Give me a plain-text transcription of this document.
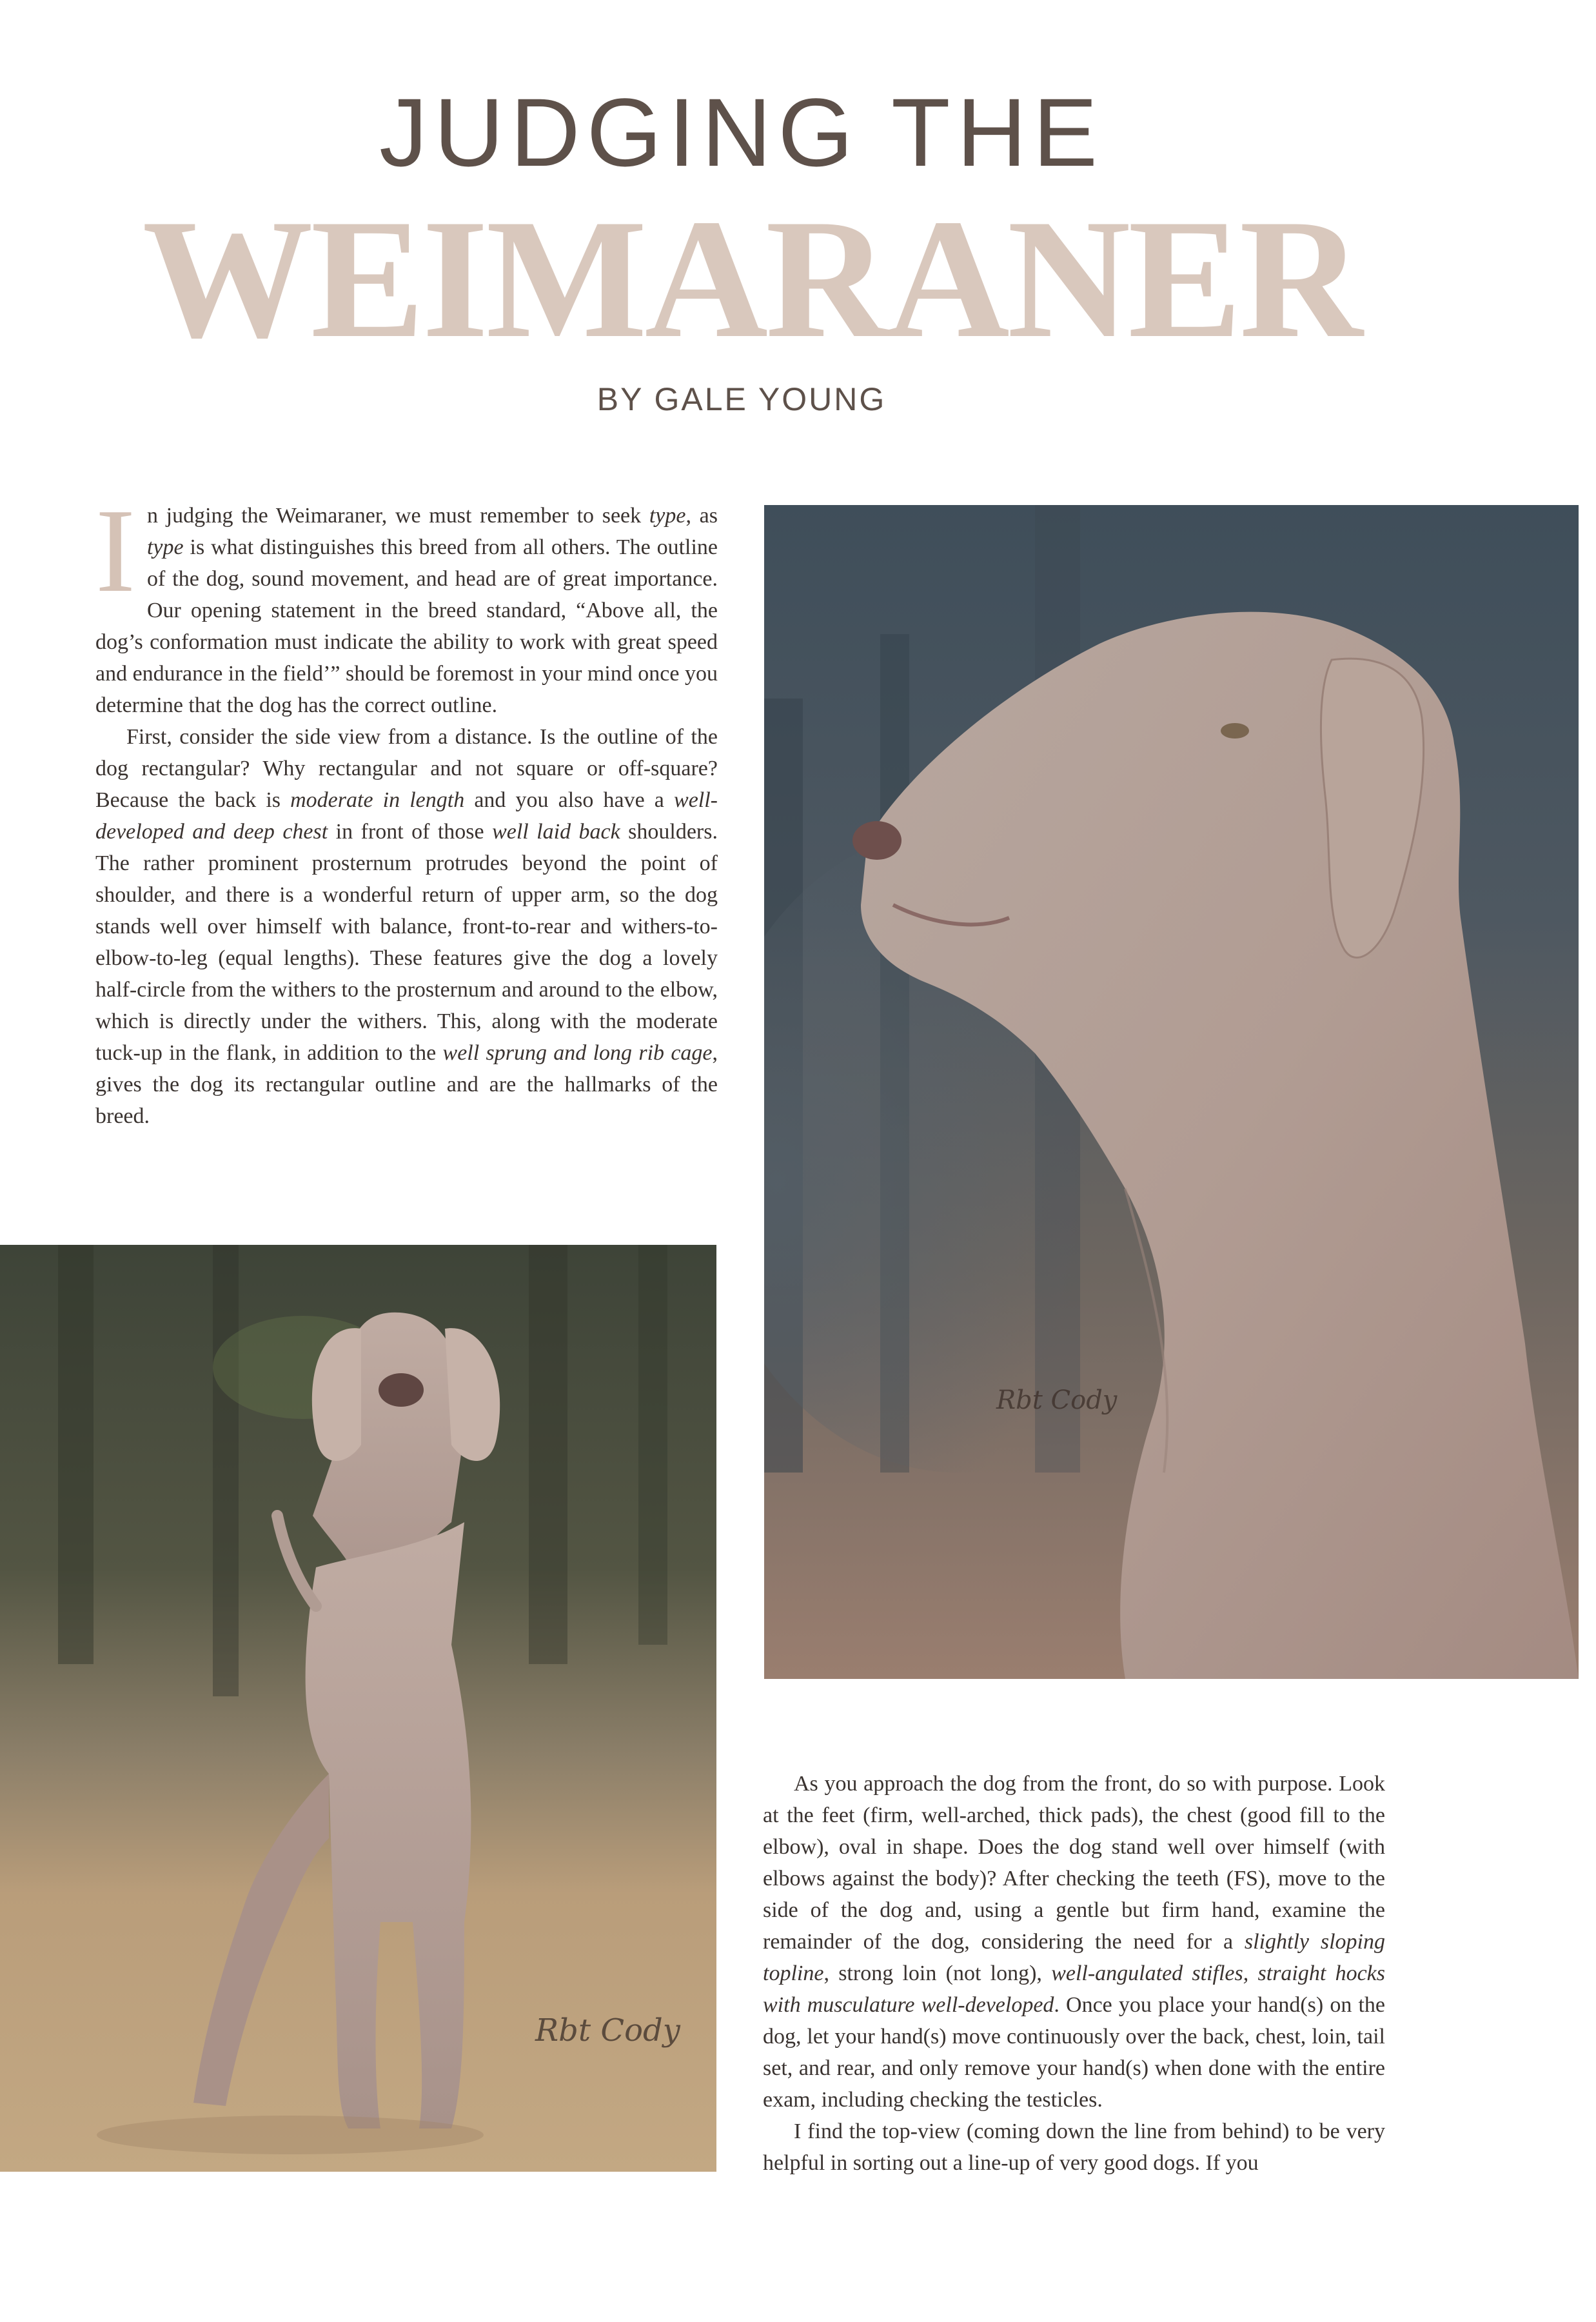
JUDGING THE
WEIMARANER
BY GALE YOUNG

In judging the Weimaraner, we must remember to seek type, as type is what distinguishes this breed from all others. The outline of the dog, sound movement, and head are of great importance. Our opening statement in the breed standard, “Above all, the dog’s conformation must indicate the ability to work with great speed and endurance in the field’” should be foremost in your mind once you determine that the dog has the correct outline.

First, consider the side view from a distance. Is the outline of the dog rectangular? Why rectangular and not square or off-square? Because the back is moderate in length and you also have a well-developed and deep chest in front of those well laid back shoulders. The rather prominent prosternum protrudes beyond the point of shoulder, and there is a wonderful return of upper arm, so the dog stands well over himself with balance, front-to-rear and withers-to-elbow-to-leg (equal lengths). These features give the dog a lovely half-circle from the withers to the prosternum and around to the elbow, which is directly under the withers. This, along with the moderate tuck-up in the flank, in addition to the well sprung and long rib cage, gives the dog its rectangular outline and are the hallmarks of the breed.

Rbt Cody
Rbt Cody

As you approach the dog from the front, do so with purpose. Look at the feet (firm, well-arched, thick pads), the chest (good fill to the elbow), oval in shape. Does the dog stand well over himself (with elbows against the body)? After checking the teeth (FS), move to the side of the dog and, using a gentle but firm hand, examine the remainder of the dog, considering the need for a slightly sloping topline, strong loin (not long), well-angulated stifles, straight hocks with musculature well-developed. Once you place your hand(s) on the dog, let your hand(s) move continuously over the back, chest, loin, tail set, and rear, and only remove your hand(s) when done with the entire exam, including checking the testicles.

I find the top-view (coming down the line from behind) to be very helpful in sorting out a line-up of very good dogs. If you
